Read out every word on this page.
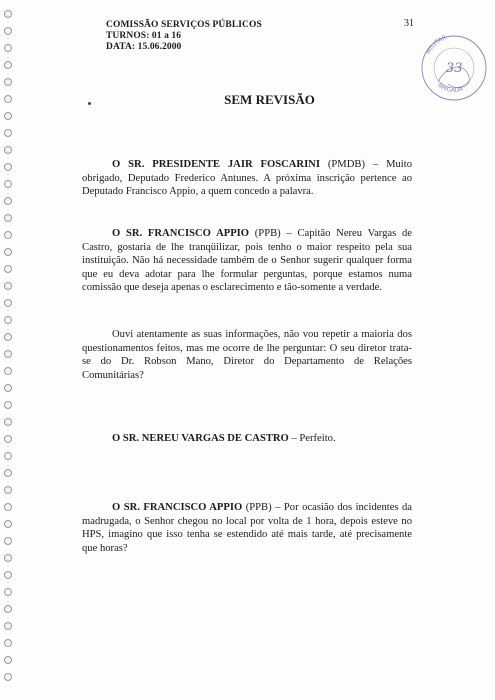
COMISSÃO SERVIÇOS PÚBLICOS
TURNOS: 01 a 16
DATA: 15.06.2000
31
MILITAR
BRIGADA
33
SEM REVISÃO

O SR. PRESIDENTE JAIR FOSCARINI (PMDB) – Muito obrigado, Deputado Frederico Antunes. A próxima inscrição pertence ao Deputado Francisco Appio, a quem concedo a palavra.

O SR. FRANCISCO APPIO (PPB) – Capitão Nereu Vargas de Castro, gostaria de lhe tranqüilizar, pois tenho o maior respeito pela sua instituição. Não há necessidade também de o Senhor sugerir qualquer forma que eu deva adotar para lhe formular perguntas, porque estamos numa comissão que deseja apenas o esclarecimento e tão-somente a verdade.

Ouvi atentamente as suas informações, não vou repetir a maioria dos questionamentos feitos, mas me ocorre de lhe perguntar: O seu diretor trata-se do Dr. Robson Mano, Diretor do Departamento de Relações Comunitárias?

O SR. NEREU VARGAS DE CASTRO – Perfeito.

O SR. FRANCISCO APPIO (PPB) – Por ocasião dos incidentes da madrugada, o Senhor chegou no local por volta de 1 hora, depois esteve no HPS, imagino que isso tenha se estendido até mais tarde, até precisamente que horas?
